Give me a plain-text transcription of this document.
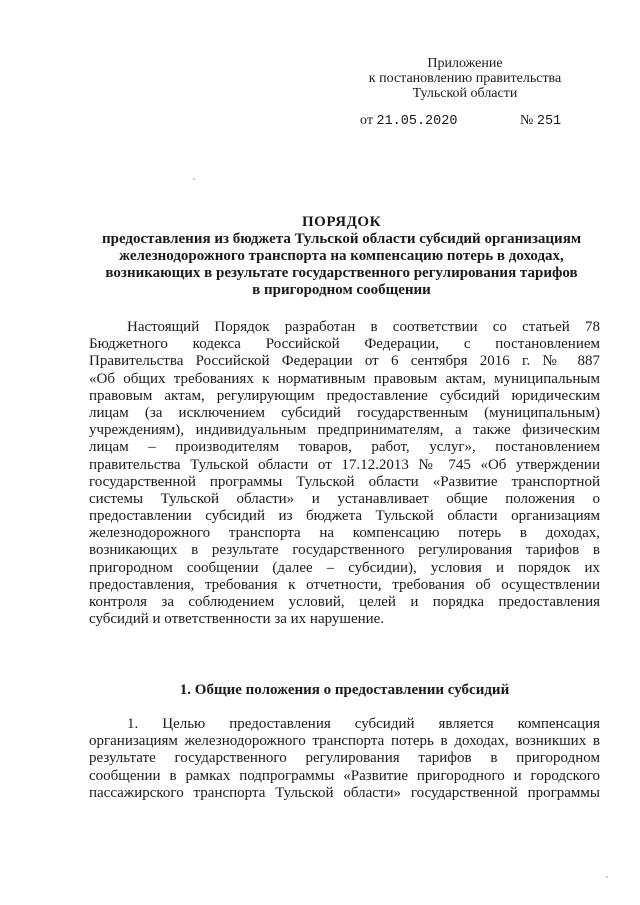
Приложение
к постановлению правительства
Тульской области
от 21.05.2020	№ 251
ПОРЯДОК
предоставления из бюджета Тульской области субсидий организациям
железнодорожного транспорта на компенсацию потерь в доходах,
возникающих в результате государственного регулирования тарифов
в пригородном сообщении
Настоящий Порядок разработан в соответствии со статьей 78
Бюджетного кодекса Российской Федерации, с постановлением
Правительства Российской Федерации от 6 сентября 2016 г. № 887
«Об общих требованиях к нормативным правовым актам, муниципальным
правовым актам, регулирующим предоставление субсидий юридическим
лицам (за исключением субсидий государственным (муниципальным)
учреждениям), индивидуальным предпринимателям, а также физическим
лицам – производителям товаров, работ, услуг», постановлением
правительства Тульской области от 17.12.2013 № 745 «Об утверждении
государственной программы Тульской области «Развитие транспортной
системы Тульской области» и устанавливает общие положения о
предоставлении субсидий из бюджета Тульской области организациям
железнодорожного транспорта на компенсацию потерь в доходах,
возникающих в результате государственного регулирования тарифов в
пригородном сообщении (далее – субсидии), условия и порядок их
предоставления, требования к отчетности, требования об осуществлении
контроля за соблюдением условий, целей и порядка предоставления
субсидий и ответственности за их нарушение.
1. Общие положения о предоставлении субсидий
1. Целью предоставления субсидий является компенсация
организациям железнодорожного транспорта потерь в доходах, возникших в
результате государственного регулирования тарифов в пригородном
сообщении в рамках подпрограммы «Развитие пригородного и городского
пассажирского транспорта Тульской области» государственной программы
